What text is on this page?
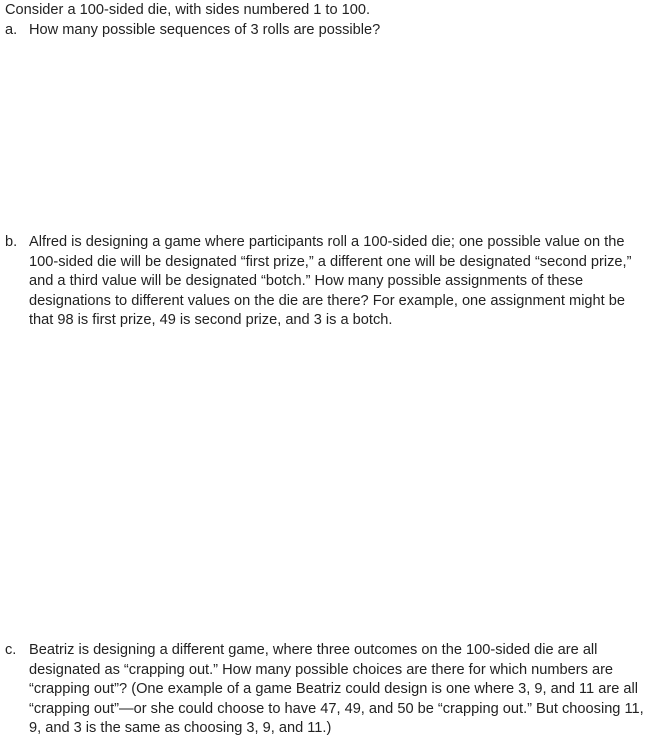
Consider a 100-sided die, with sides numbered 1 to 100.
a. How many possible sequences of 3 rolls are possible?
b. Alfred is designing a game where participants roll a 100-sided die; one possible value on the
100-sided die will be designated “first prize,” a different one will be designated “second prize,”
and a third value will be designated “botch.” How many possible assignments of these
designations to different values on the die are there? For example, one assignment might be
that 98 is first prize, 49 is second prize, and 3 is a botch.
c. Beatriz is designing a different game, where three outcomes on the 100-sided die are all
designated as “crapping out.” How many possible choices are there for which numbers are
“crapping out”? (One example of a game Beatriz could design is one where 3, 9, and 11 are all
“crapping out”—or she could choose to have 47, 49, and 50 be “crapping out.” But choosing 11,
9, and 3 is the same as choosing 3, 9, and 11.)
